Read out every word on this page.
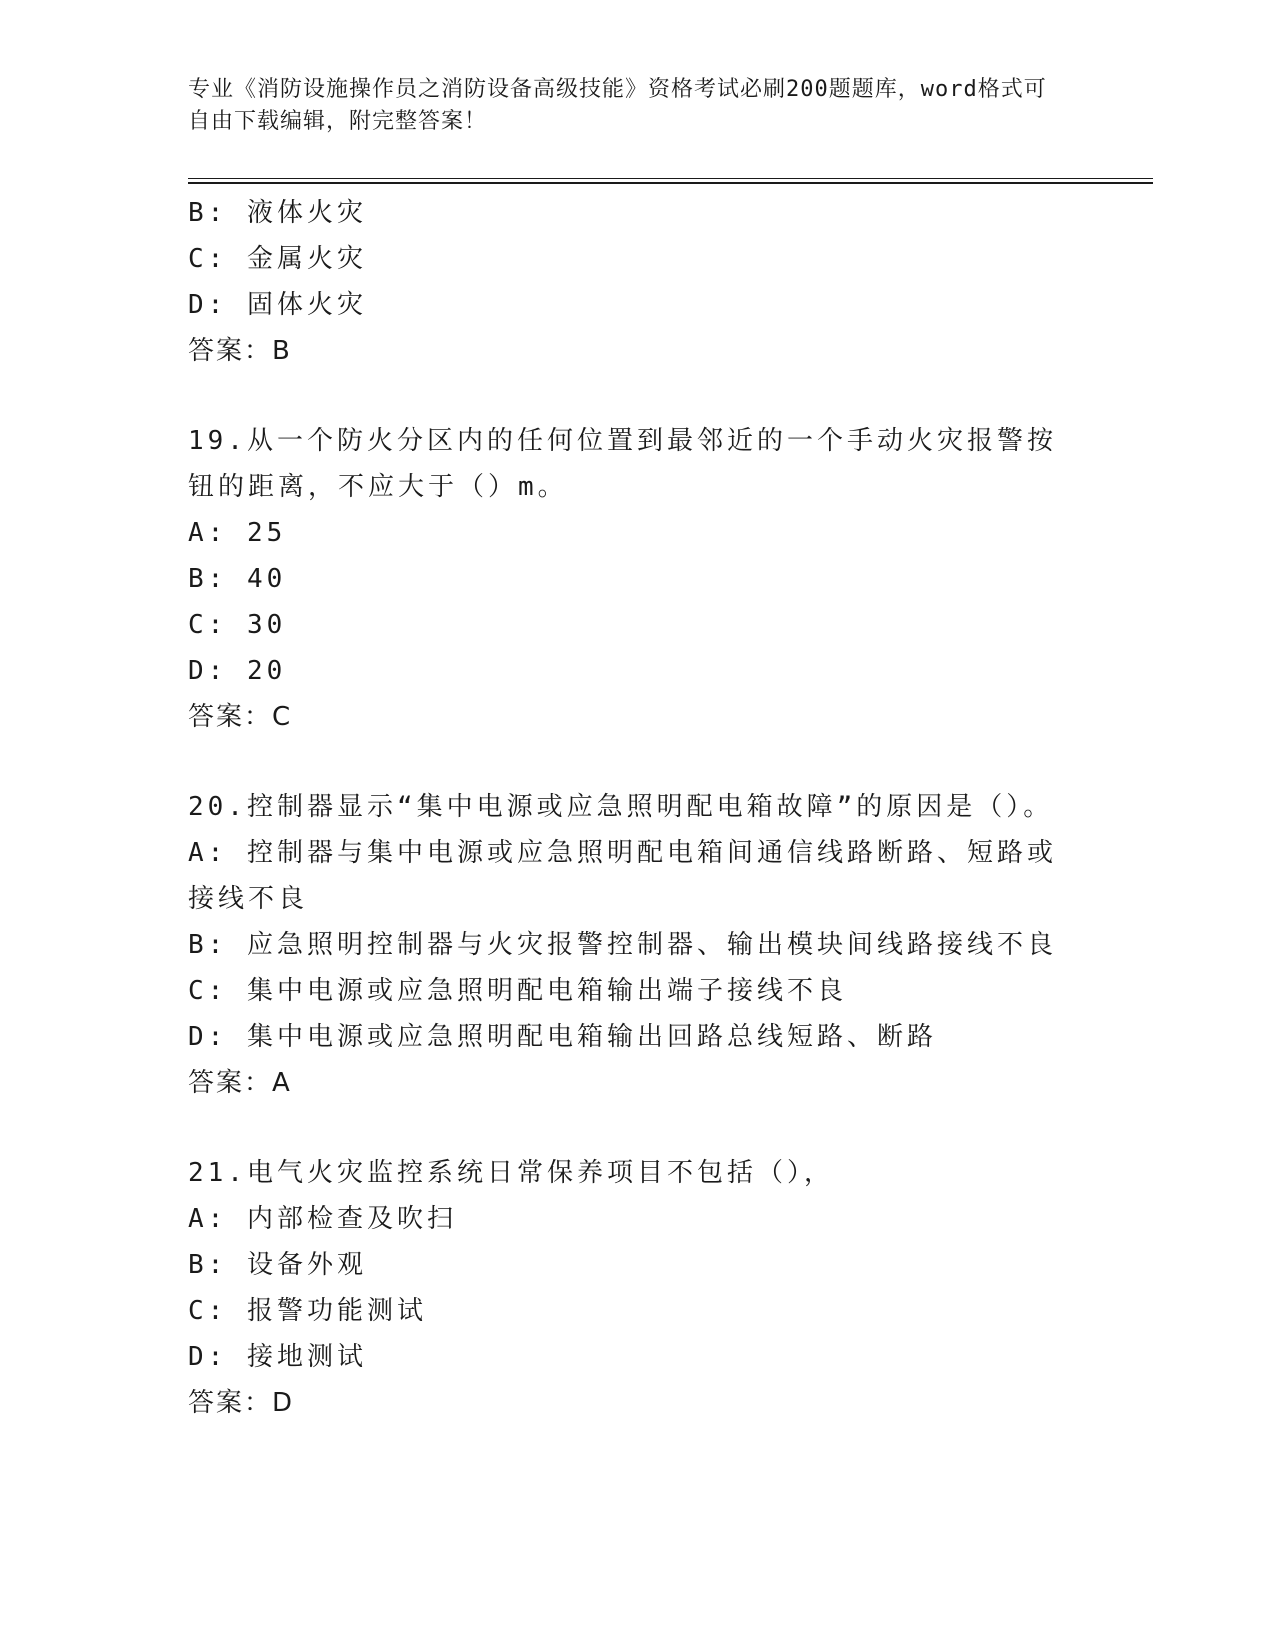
专业《消防设施操作员之消防设备高级技能》资格考试必刷200题题库，word格式可自由下载编辑，附完整答案！
B: 液体火灾
C: 金属火灾
D: 固体火灾
答案：B
19.从一个防火分区内的任何位置到最邻近的一个手动火灾报警按钮的距离，不应大于（）m。
A: 25
B: 40
C: 30
D: 20
答案：C
20.控制器显示“集中电源或应急照明配电箱故障”的原因是（）。
A: 控制器与集中电源或应急照明配电箱间通信线路断路、短路或接线不良
B: 应急照明控制器与火灾报警控制器、输出模块间线路接线不良
C: 集中电源或应急照明配电箱输出端子接线不良
D: 集中电源或应急照明配电箱输出回路总线短路、断路
答案：A
21.电气火灾监控系统日常保养项目不包括（），
A: 内部检查及吹扫
B: 设备外观
C: 报警功能测试
D: 接地测试
答案：D
